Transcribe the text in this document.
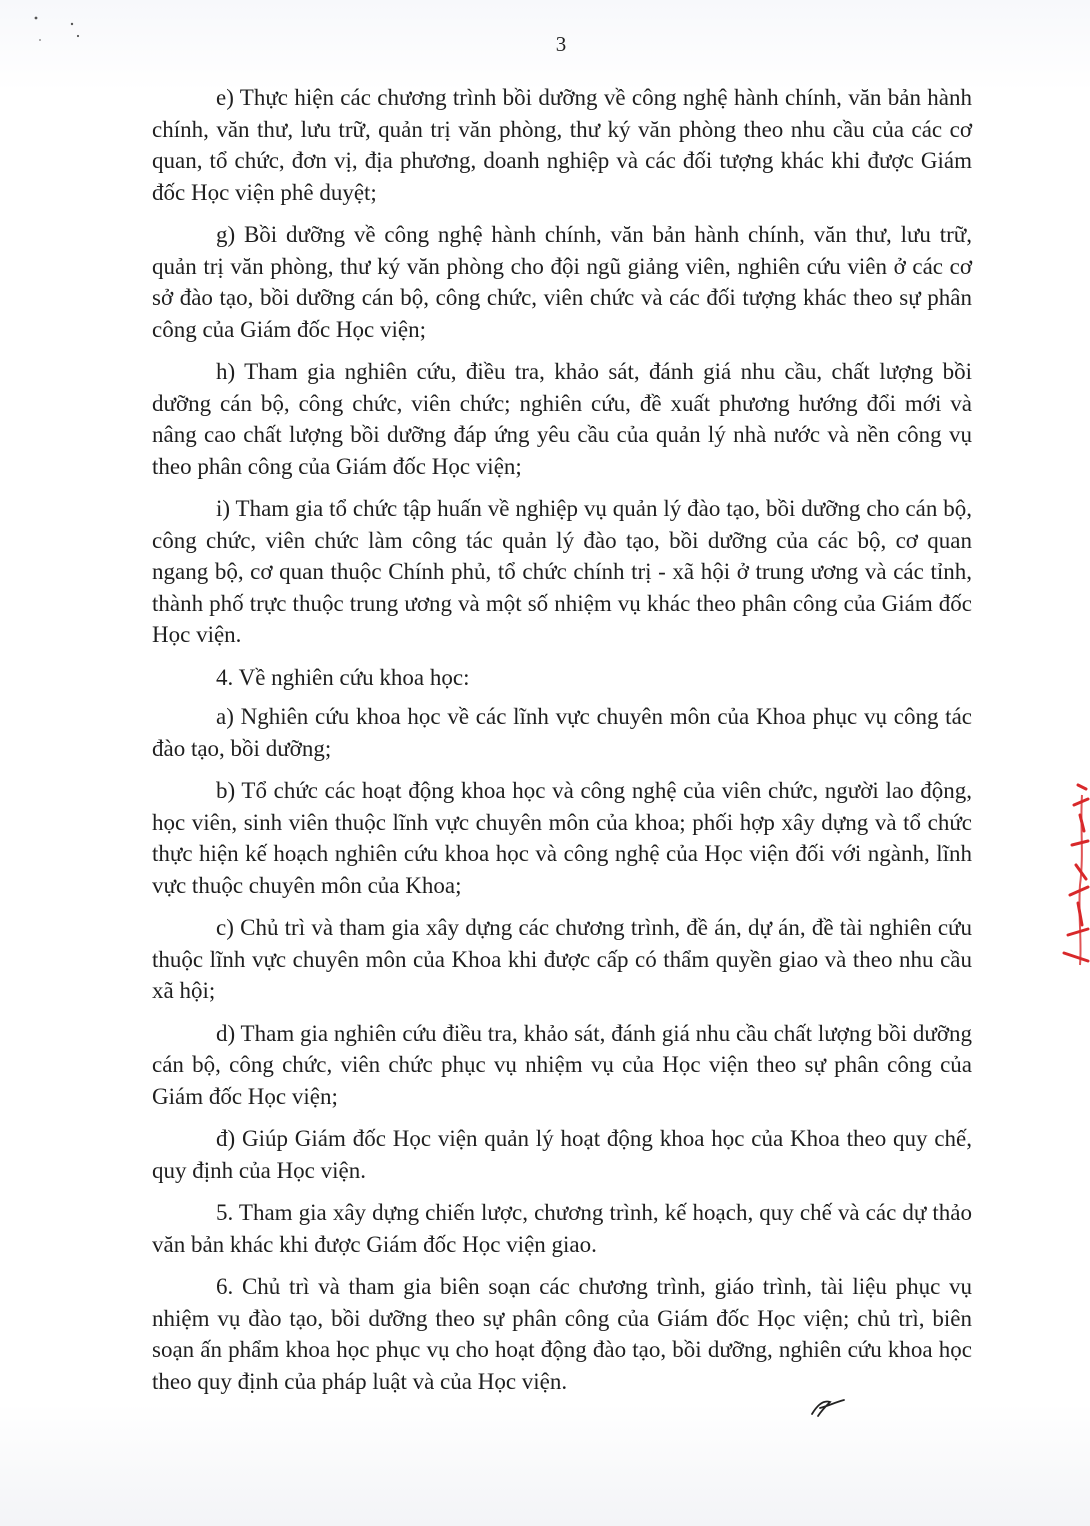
3

e) Thực hiện các chương trình bồi dưỡng về công nghệ hành chính, văn bản hành chính, văn thư, lưu trữ, quản trị văn phòng, thư ký văn phòng theo nhu cầu của các cơ quan, tổ chức, đơn vị, địa phương, doanh nghiệp và các đối tượng khác khi được Giám đốc Học viện phê duyệt;

g) Bồi dưỡng về công nghệ hành chính, văn bản hành chính, văn thư, lưu trữ, quản trị văn phòng, thư ký văn phòng cho đội ngũ giảng viên, nghiên cứu viên ở các cơ sở đào tạo, bồi dưỡng cán bộ, công chức, viên chức và các đối tượng khác theo sự phân công của Giám đốc Học viện;

h) Tham gia nghiên cứu, điều tra, khảo sát, đánh giá nhu cầu, chất lượng bồi dưỡng cán bộ, công chức, viên chức; nghiên cứu, đề xuất phương hướng đổi mới và nâng cao chất lượng bồi dưỡng đáp ứng yêu cầu của quản lý nhà nước và nền công vụ theo phân công của Giám đốc Học viện;

i) Tham gia tổ chức tập huấn về nghiệp vụ quản lý đào tạo, bồi dưỡng cho cán bộ, công chức, viên chức làm công tác quản lý đào tạo, bồi dưỡng của các bộ, cơ quan ngang bộ, cơ quan thuộc Chính phủ, tổ chức chính trị - xã hội ở trung ương và các tỉnh, thành phố trực thuộc trung ương và một số nhiệm vụ khác theo phân công của Giám đốc Học viện.

4. Về nghiên cứu khoa học:

a) Nghiên cứu khoa học về các lĩnh vực chuyên môn của Khoa phục vụ công tác đào tạo, bồi dưỡng;

b) Tổ chức các hoạt động khoa học và công nghệ của viên chức, người lao động, học viên, sinh viên thuộc lĩnh vực chuyên môn của khoa; phối hợp xây dựng và tổ chức thực hiện kế hoạch nghiên cứu khoa học và công nghệ của Học viện đối với ngành, lĩnh vực thuộc chuyên môn của Khoa;

c) Chủ trì và tham gia xây dựng các chương trình, đề án, dự án, đề tài nghiên cứu thuộc lĩnh vực chuyên môn của Khoa khi được cấp có thẩm quyền giao và theo nhu cầu xã hội;

d) Tham gia nghiên cứu điều tra, khảo sát, đánh giá nhu cầu chất lượng bồi dưỡng cán bộ, công chức, viên chức phục vụ nhiệm vụ của Học viện theo sự phân công của Giám đốc Học viện;

đ) Giúp Giám đốc Học viện quản lý hoạt động khoa học của Khoa theo quy chế, quy định của Học viện.

5. Tham gia xây dựng chiến lược, chương trình, kế hoạch, quy chế và các dự thảo văn bản khác khi được Giám đốc Học viện giao.

6. Chủ trì và tham gia biên soạn các chương trình, giáo trình, tài liệu phục vụ nhiệm vụ đào tạo, bồi dưỡng theo sự phân công của Giám đốc Học viện; chủ trì, biên soạn ấn phẩm khoa học phục vụ cho hoạt động đào tạo, bồi dưỡng, nghiên cứu khoa học theo quy định của pháp luật và của Học viện.
